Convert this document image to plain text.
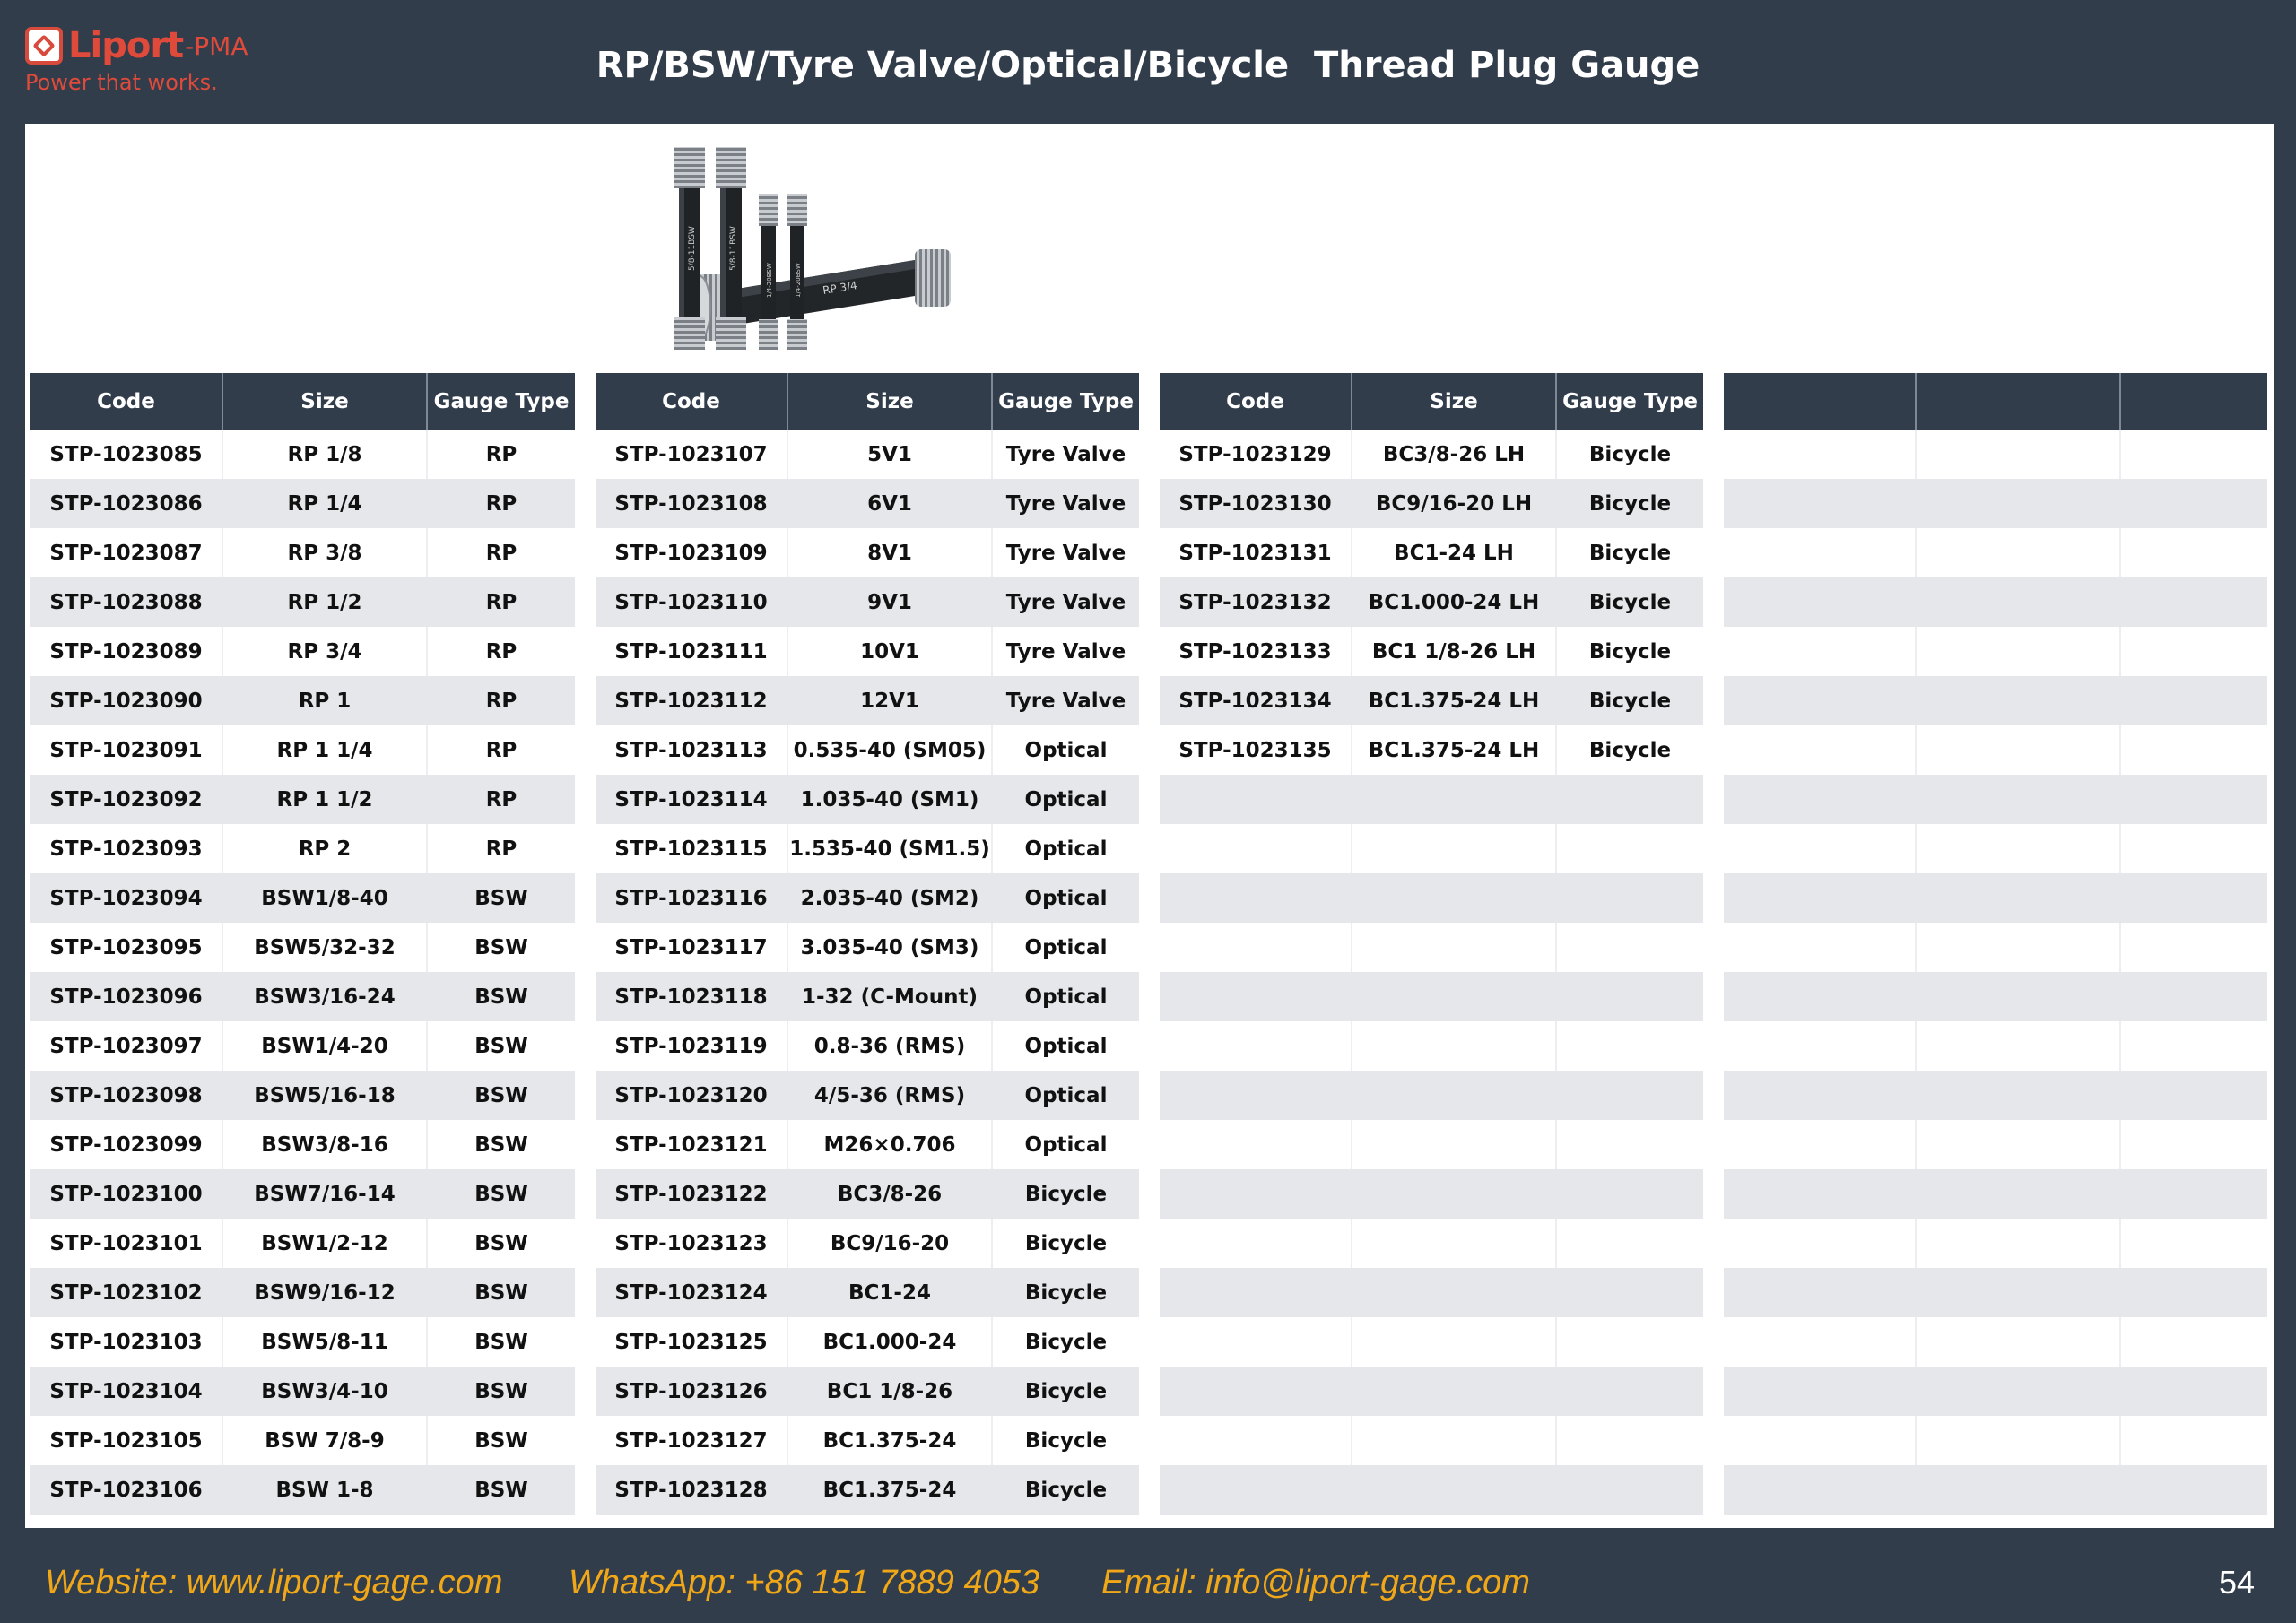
Liport -PMA
Power that works.	RP/BSW/Tyre Valve/Optical/Bicycle  Thread Plug Gauge
RP 3/4
5/8-11BSW	5/8-11BSW
1/4-20BSW	1/4-20BSW
Code	Size	Gauge Type
STP-1023085	RP 1/8	RP
STP-1023086	RP 1/4	RP
STP-1023087	RP 3/8	RP
STP-1023088	RP 1/2	RP
STP-1023089	RP 3/4	RP
STP-1023090	RP 1	RP
STP-1023091	RP 1 1/4	RP
STP-1023092	RP 1 1/2	RP
STP-1023093	RP 2	RP
STP-1023094	BSW1/8-40	BSW
STP-1023095	BSW5/32-32	BSW
STP-1023096	BSW3/16-24	BSW
STP-1023097	BSW1/4-20	BSW
STP-1023098	BSW5/16-18	BSW
STP-1023099	BSW3/8-16	BSW
STP-1023100	BSW7/16-14	BSW
STP-1023101	BSW1/2-12	BSW
STP-1023102	BSW9/16-12	BSW
STP-1023103	BSW5/8-11	BSW
STP-1023104	BSW3/4-10	BSW
STP-1023105	BSW 7/8-9	BSW
STP-1023106	BSW 1-8	BSW
Code	Size	Gauge Type
STP-1023107	5V1	Tyre Valve
STP-1023108	6V1	Tyre Valve
STP-1023109	8V1	Tyre Valve
STP-1023110	9V1	Tyre Valve
STP-1023111	10V1	Tyre Valve
STP-1023112	12V1	Tyre Valve
STP-1023113	0.535-40 (SM05)	Optical
STP-1023114	1.035-40 (SM1)	Optical
STP-1023115	1.535-40 (SM1.5)	Optical
STP-1023116	2.035-40 (SM2)	Optical
STP-1023117	3.035-40 (SM3)	Optical
STP-1023118	1-32 (C-Mount)	Optical
STP-1023119	0.8-36 (RMS)	Optical
STP-1023120	4/5-36 (RMS)	Optical
STP-1023121	M26×0.706	Optical
STP-1023122	BC3/8-26	Bicycle
STP-1023123	BC9/16-20	Bicycle
STP-1023124	BC1-24	Bicycle
STP-1023125	BC1.000-24	Bicycle
STP-1023126	BC1 1/8-26	Bicycle
STP-1023127	BC1.375-24	Bicycle
STP-1023128	BC1.375-24	Bicycle
Code	Size	Gauge Type
STP-1023129	BC3/8-26 LH	Bicycle
STP-1023130	BC9/16-20 LH	Bicycle
STP-1023131	BC1-24 LH	Bicycle
STP-1023132	BC1.000-24 LH	Bicycle
STP-1023133	BC1 1/8-26 LH	Bicycle
STP-1023134	BC1.375-24 LH	Bicycle
STP-1023135	BC1.375-24 LH	Bicycle

Website: www.liport-gage.com WhatsApp: +86 151 7889 4053 Email: info@liport-gage.com	54
